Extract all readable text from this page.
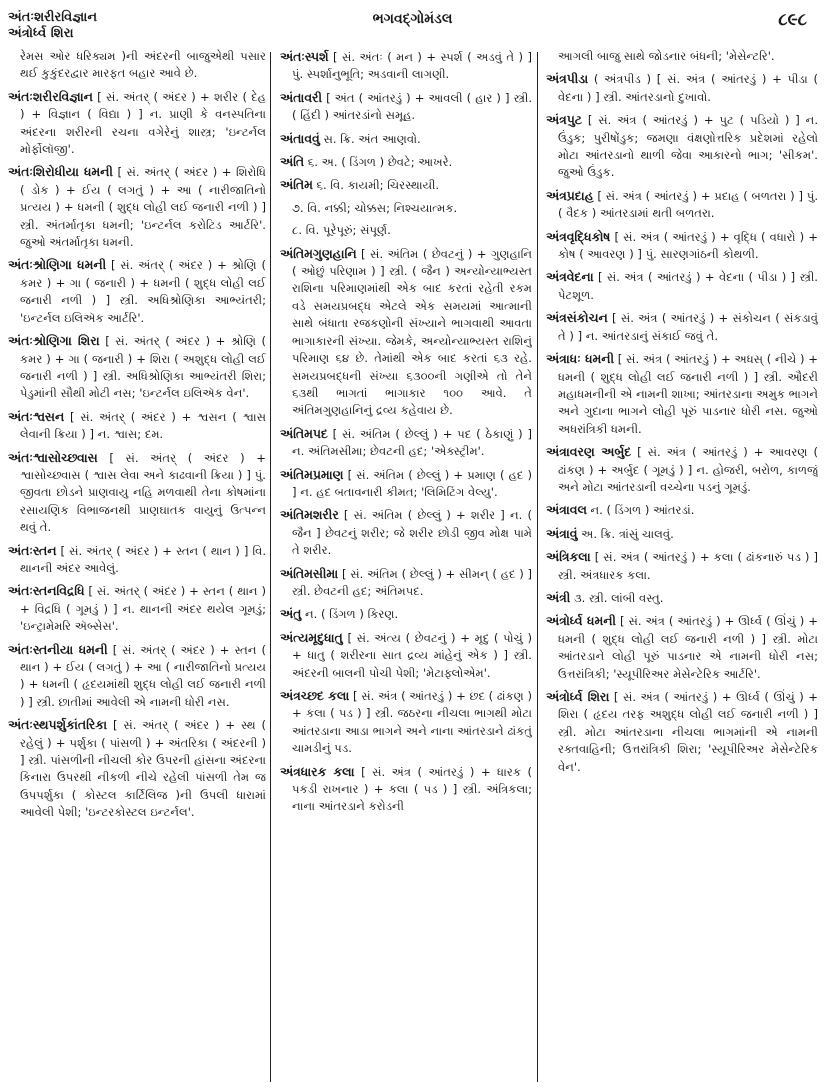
અંતઃશરીરવિજ્ઞાન
અંત્રોર્ધ્વ શિરા
ભગવદ્ગોમંડલ	૮૯૮

રેમસ ઓર ધરિક્યમ )ની અંદરની બાજુએથી પસાર થઈ કુકુંદરદ્વાર મારફત બહાર આવે છે.

અંતઃશરીરવિજ્ઞાન [ સં. અંતર્ ( અંદર ) + શરીર ( દેહ ) + વિજ્ઞાન ( વિદ્યા ) ] ન. પ્રાણી કે વનસ્પતિના અંદરના શરીરની રચના વગેરેનું શાસ્ત્ર; 'ઇન્ટર્નલ મોર્ફોલૉજી'.

અંતઃશિરોધીયા ધમની [ સં. અંતર્ ( અંદર ) + શિરોધિ ( ડોક ) + ઈય ( લગતું ) + આ ( નારીજાતિનો પ્રત્યય ) + ધમની ( શુદ્ધ લોહી લઈ જનારી નળી ) ] સ્ત્રી. અંતર્માતૃકા ધમની; 'ઇન્ટર્નલ કરોટિડ આર્ટરિ'. જુઓ અંતર્માતૃકા ધમની.

અંતઃશ્રોણિગા ધમની [ સં. અંતર્ ( અંદર ) + શ્રોણિ ( કમર ) + ગા ( જનારી ) + ધમની ( શુદ્ધ લોહી લઈ જનારી નળી ) ] સ્ત્રી. અધિશ્રોણિકા આભ્યંતરી; 'ઇન્ટર્નલ ઇલિઍક આર્ટરિ'.

અંતઃશ્રોણિગા શિરા [ સં. અંતર્ ( અંદર ) + શ્રોણિ ( કમર ) + ગા ( જનારી ) + શિરા ( અશુદ્ધ લોહી લઈ જનારી નળી ) ] સ્ત્રી. અધિશ્રોણિકા આભ્યંતરી શિરા; પેડુમાંની સૌથી મોટી નસ; 'ઇન્ટર્નલ ઇલિઍક વેન'.

અંતઃશ્વસન [ સં. અંતર્ ( અંદર ) + શ્વસન ( શ્વાસ લેવાની ક્રિયા ) ] ન. શ્વાસ; દમ.

અંતઃશ્વાસોચ્છ્વાસ [ સં. અંતર્ ( અંદર ) + શ્વાસોચ્છ્વાસ ( શ્વાસ લેવા અને કાઢવાની ક્રિયા ) ] પું. જીવતા છોડને પ્રાણવાયુ નહિ મળવાથી તેના કોષમાંના રસાયણિક વિભાજનથી પ્રાણઘાતક વાયુનું ઉત્પન્ન થવું તે.

અંતઃસ્તન [ સં. અંતર્ ( અંદર ) + સ્તન ( થાન ) ] વિ. થાનની અંદર આવેલું.

અંતઃસ્તનવિદ્રધિ [ સં. અંતર્ ( અંદર ) + સ્તન ( થાન ) + વિદ્રધિ ( ગૂમડું ) ] ન. થાનની અંદર થયેલ ગૂમડું; 'ઇન્ટ્રામેમરિ ઍબ્સેસ'.

અંતઃસ્તનીયા ધમની [ સં. અંતર્ ( અંદર ) + સ્તન ( થાન ) + ઈય ( લગતું ) + આ ( નારીજાતિનો પ્રત્યય ) + ધમની ( હૃદયમાંથી શુદ્ધ લોહી લઈ જનારી નળી ) ] સ્ત્રી. છાતીમાં આવેલી એ નામની ધોરી નસ.

અંતઃસ્થપર્શુકાંતરિકા [ સં. અંતર્ ( અંદર ) + સ્થ ( રહેલું ) + પર્શુકા ( પાંસળી ) + અંતરિકા ( અંદરની ) ] સ્ત્રી. પાંસળીની નીચલી કોર ઉપરની હાંસના અંદરના કિનારા ઉપરથી નીકળી નીચે રહેલી પાંસળી તેમ જ ઉપપર્શુકા ( કોસ્ટલ કાર્ટિલિજ )ની ઉપલી ધારામાં આવેલી પેશી; 'ઇન્ટરકોસ્ટલ ઇન્ટર્નલ'.

અંતઃસ્પર્શ [ સં. અંતઃ ( મન ) + સ્પર્શ ( અડવું તે ) ] પું. સ્પર્શાનુભૂતિ; અડવાની લાગણી.

અંતાવરી [ અંત ( આંતરડું ) + આવલી ( હાર ) ] સ્ત્રી. ( હિંદી ) આંતરડાંનો સમૂહ.

અંતાવવું સ. ક્રિ. અંત આણવો.

અંતિ ૬. અ. ( ડિંગળ ) છેવટે; આખરે.

અંતિમ ૬. વિ. કાયમી; ચિરસ્થાયી.

૭. વિ. નક્કી; ચોક્કસ; નિશ્ચયાત્મક.

૮. વિ. પૂરેપૂરું; સંપૂર્ણ.

અંતિમગુણહાનિ [ સં. અંતિમ ( છેવટનું ) + ગુણહાનિ ( ઓછું પરિણામ ) ] સ્ત્રી. ( જૈન ) અન્યોન્યાભ્યસ્ત રાશિના પરિમાણમાંથી એક બાદ કરતાં રહેતી રકમ વડે સમયપ્રબદ્ધ એટલે એક સમયમાં આત્માની સાથે બંધાતા રજકણોની સંખ્યાને ભાગવાથી આવતા ભાગાકારની સંખ્યા. જેમકે, અન્યોન્યાભ્યસ્ત રાશિનું પરિમાણ ૬૪ છે. તેમાંથી એક બાદ કરતાં ૬૩ રહે. સમયપ્રબદ્ધની સંખ્યા ૬૩૦૦ની ગણીએ તો તેને ૬૩થી ભાગતાં ભાગાકાર ૧૦૦ આવે. તે અંતિમગુણહાનિનું દ્રવ્ય કહેવાય છે.

અંતિમપદ [ સં. અંતિમ ( છેલ્લું ) + પદ ( ઠેકાણું ) ] ન. અંતિમસીમા; છેવટની હદ; 'એક્સ્ટ્રીમ'.

અંતિમપ્રમાણ [ સં. અંતિમ ( છેલ્લું ) + પ્રમાણ ( હદ ) ] ન. હદ બતાવનારી કીમત; 'લિમિટિંગ વેલ્યુ'.

અંતિમશરીર [ સં. અંતિમ ( છેલ્લું ) + શરીર ] ન. ( જૈન ] છેવટનું શરીર; જે શરીર છોડી જીવ મોક્ષ પામે તે શરીર.

અંતિમસીમા [ સં. અંતિમ ( છેલ્લું ) + સીમન્ ( હદ ) ] સ્ત્રી. છેવટની હદ; અંતિમપદ.

અંતુ ન. ( ડિંગળ ) કિરણ.

અંત્યમૃદુધાતુ [ સં. અંત્ય ( છેવટનું ) + મૃદુ ( પોચું ) + ધાતુ ( શરીરના સાત દ્રવ્ય માંહેનું એક ) ] સ્ત્રી. અંદરની બાલની પોચી પેશી; 'મેટાફ્લોએમ'.

અંત્રચ્છદ કલા [ સં. અંત્ર ( આંતરડું ) + છદ ( ઢાંકણ ) + કલા ( પડ ) ] સ્ત્રી. જઠરના નીચલા ભાગથી મોટા આંતરડાના આડા ભાગને અને નાના આંતરડાને ઢાંકતું ચામડીનું પડ.

અંત્રધારક કલા [ સં. અંત્ર ( આંતરડું ) + ધારક ( પકડી રાખનાર ) + કલા ( પડ ) ] સ્ત્રી. અંત્રિકલા; નાના આંતરડાને કરોડની

આગલી બાજુ સાથે જોડનાર બંધની; 'મેસેન્ટરિ'.

અંત્રપીડા ( અંત્રપીડ ) [ સં. અંત્ર ( આંતરડું ) + પીડા ( વેદના ) ] સ્ત્રી. આંતરડાનો દુખાવો.

અંત્રપુટ [ સં. અંત્ર ( આંતરડું ) + પુટ ( પડિયો ) ] ન. ઉંડુક; પુરીષોંડુક; જમણા વંક્ષણોત્તરિક પ્રદેશમાં રહેલો મોટા આંતરડાનો થાળી જેવા આકારનો ભાગ; 'સીકમ'. જુઓ ઉંડુક.

અંત્રપ્રદાહ [ સં. અંત્ર ( આંતરડું ) + પ્રદાહ ( બળતરા ) ] પું. ( વૈદક ) આંતરડામાં થતી બળતરા.

અંત્રવૃદ્ધિકોષ [ સં. અંત્ર ( આંતરડું ) + વૃદ્ધિ ( વધારો ) + કોષ ( આવરણ ) ] પું. સારણગાંઠની કોથળી.

અંત્રવેદના [ સં. અંત્ર ( આંતરડું ) + વેદના ( પીડા ) ] સ્ત્રી. પેટશૂળ.

અંત્રસંકોચન [ સં. અંત્ર ( આંતરડું ) + સંકોચન ( સંકડાવું તે ) ] ન. આંતરડાનું સંકાઈ જવું તે.

અંત્રાધઃ ધમની [ સં. અંત્ર ( આંતરડું ) + અધસ્ ( નીચે ) + ધમની ( શુદ્ધ લોહી લઈ જનારી નળી ) ] સ્ત્રી. ઔદરી મહાધમનીની એ નામની શાખા; આંતરડાના અમુક ભાગને અને ગુદાના ભાગને લોહી પૂરું પાડનાર ધોરી નસ. જુઓ અધરાંત્રિકી ધમની.

અંત્રાવરણ અર્બુદ [ સં. અંત્ર ( આંતરડું ) + આવરણ ( ઢાંકણ ) + અર્બુદ ( ગૂમડું ) ] ન. હોજરી, બરોળ, કાળજું અને મોટા આંતરડાની વચ્ચેના પડનું ગૂમડું.

અંત્રાવલ ન. ( ડિંગળ ) આંતરડાં.

અંત્રાવું અ. ક્રિ. ત્રાંસું ચાલવું.

અંત્રિકલા [ સં. અંત્ર ( આંતરડું ) + કલા ( ઢાંકનારું પડ ) ] સ્ત્રી. અંત્રધારક કલા.

અંત્રી ૩. સ્ત્રી. લાંબી વસ્તુ.

અંત્રોર્ધ્વ ધમની [ સં. અંત્ર ( આંતરડું ) + ઊર્ધ્વ ( ઊંચું ) + ધમની ( શુદ્ધ લોહી લઈ જનારી નળી ) ] સ્ત્રી. મોટા આંતરડાને લોહી પૂરું પાડનાર એ નામની ધોરી નસ; ઉત્તરાંત્રિકી; 'સ્યૂપીરિઅર મેસેન્ટેરિક આર્ટરિ'.

અંત્રોર્ધ્વ શિરા [ સં. અંત્ર ( આંતરડું ) + ઊર્ધ્વ ( ઊંચું ) + શિરા ( હૃદય તરફ અશુદ્ધ લોહી લઈ જનારી નળી ) ] સ્ત્રી. મોટા આંતરડાના નીચલા ભાગમાંની એ નામની રક્તવાહિની; ઉત્તરાંત્રિકી શિરા; 'સ્યૂપીરિઅર મેસેન્ટેરિક વેન'.
